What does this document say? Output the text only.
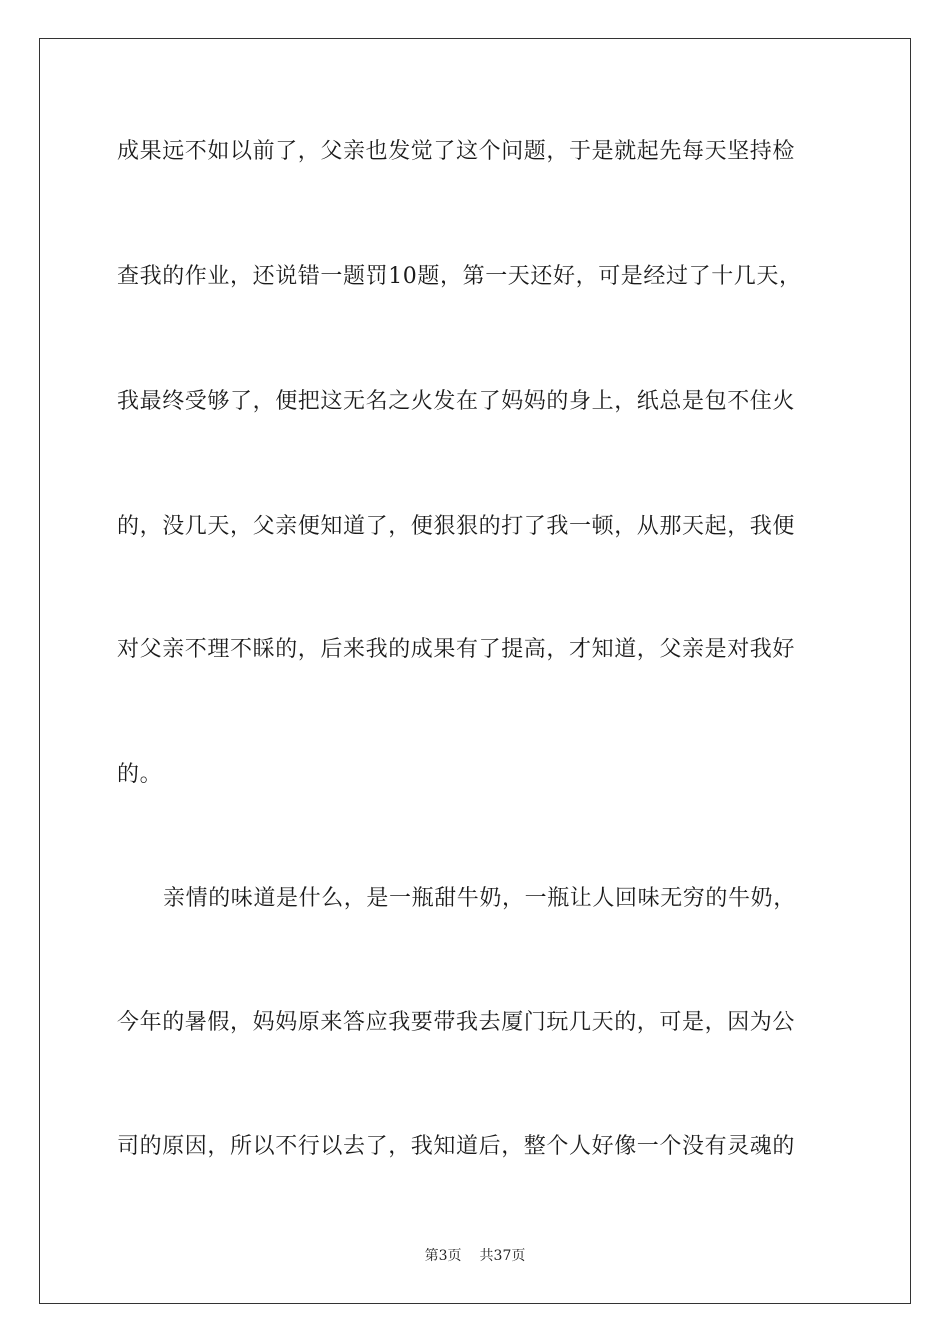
成果远不如以前了，父亲也发觉了这个问题，于是就起先每天坚持检
查我的作业，还说错一题罚10题，第一天还好，可是经过了十几天，
我最终受够了，便把这无名之火发在了妈妈的身上，纸总是包不住火
的，没几天，父亲便知道了，便狠狠的打了我一顿，从那天起，我便
对父亲不理不睬的，后来我的成果有了提高，才知道，父亲是对我好
的。
亲情的味道是什么，是一瓶甜牛奶，一瓶让人回味无穷的牛奶，
今年的暑假，妈妈原来答应我要带我去厦门玩几天的，可是，因为公
司的原因，所以不行以去了，我知道后，整个人好像一个没有灵魂的
第3页 共37页
